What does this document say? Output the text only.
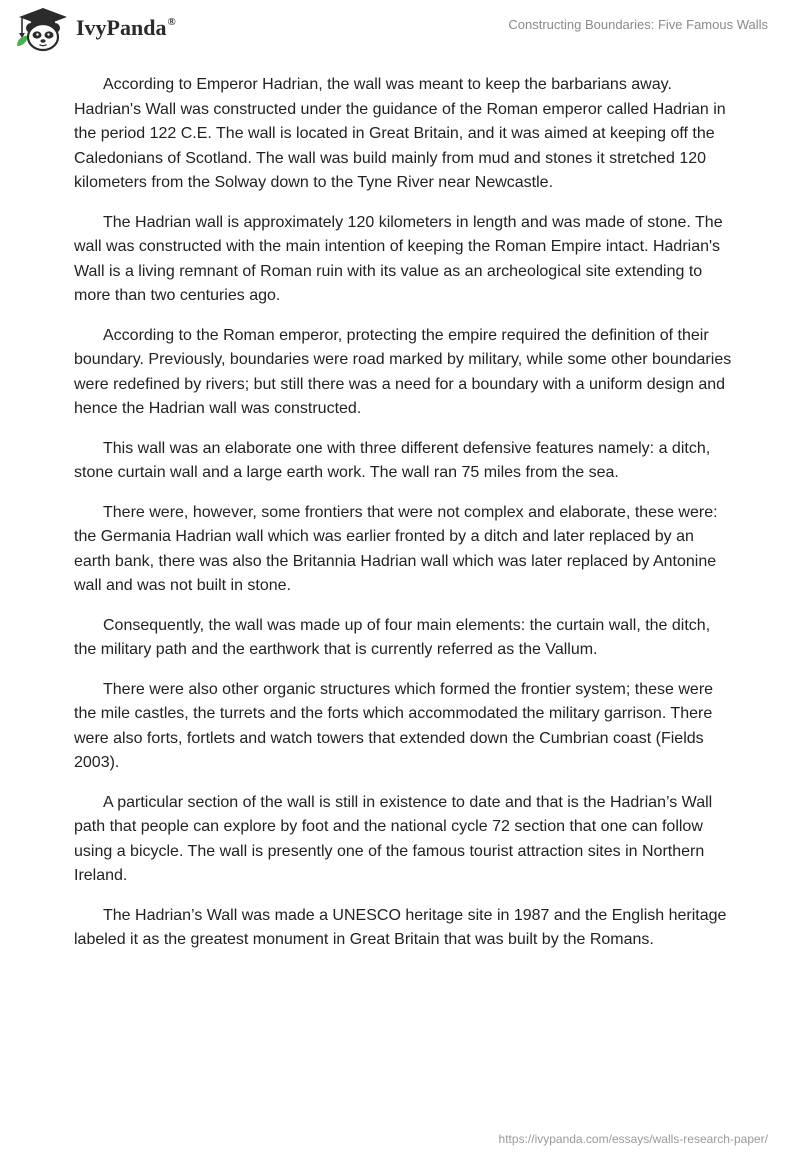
IvyPanda®	Constructing Boundaries: Five Famous Walls

According to Emperor Hadrian, the wall was meant to keep the barbarians away. Hadrian's Wall was constructed under the guidance of the Roman emperor called Hadrian in the period 122 C.E. The wall is located in Great Britain, and it was aimed at keeping off the Caledonians of Scotland. The wall was build mainly from mud and stones it stretched 120 kilometers from the Solway down to the Tyne River near Newcastle.

The Hadrian wall is approximately 120 kilometers in length and was made of stone. The wall was constructed with the main intention of keeping the Roman Empire intact. Hadrian's Wall is a living remnant of Roman ruin with its value as an archeological site extending to more than two centuries ago.

According to the Roman emperor, protecting the empire required the definition of their boundary. Previously, boundaries were road marked by military, while some other boundaries were redefined by rivers; but still there was a need for a boundary with a uniform design and hence the Hadrian wall was constructed.

This wall was an elaborate one with three different defensive features namely: a ditch, stone curtain wall and a large earth work. The wall ran 75 miles from the sea.

There were, however, some frontiers that were not complex and elaborate, these were: the Germania Hadrian wall which was earlier fronted by a ditch and later replaced by an earth bank, there was also the Britannia Hadrian wall which was later replaced by Antonine wall and was not built in stone.

Consequently, the wall was made up of four main elements: the curtain wall, the ditch, the military path and the earthwork that is currently referred as the Vallum.

There were also other organic structures which formed the frontier system; these were the mile castles, the turrets and the forts which accommodated the military garrison. There were also forts, fortlets and watch towers that extended down the Cumbrian coast (Fields 2003).

A particular section of the wall is still in existence to date and that is the Hadrian’s Wall path that people can explore by foot and the national cycle 72 section that one can follow using a bicycle. The wall is presently one of the famous tourist attraction sites in Northern Ireland.

The Hadrian’s Wall was made a UNESCO heritage site in 1987 and the English heritage labeled it as the greatest monument in Great Britain that was built by the Romans.

https://ivypanda.com/essays/walls-research-paper/
